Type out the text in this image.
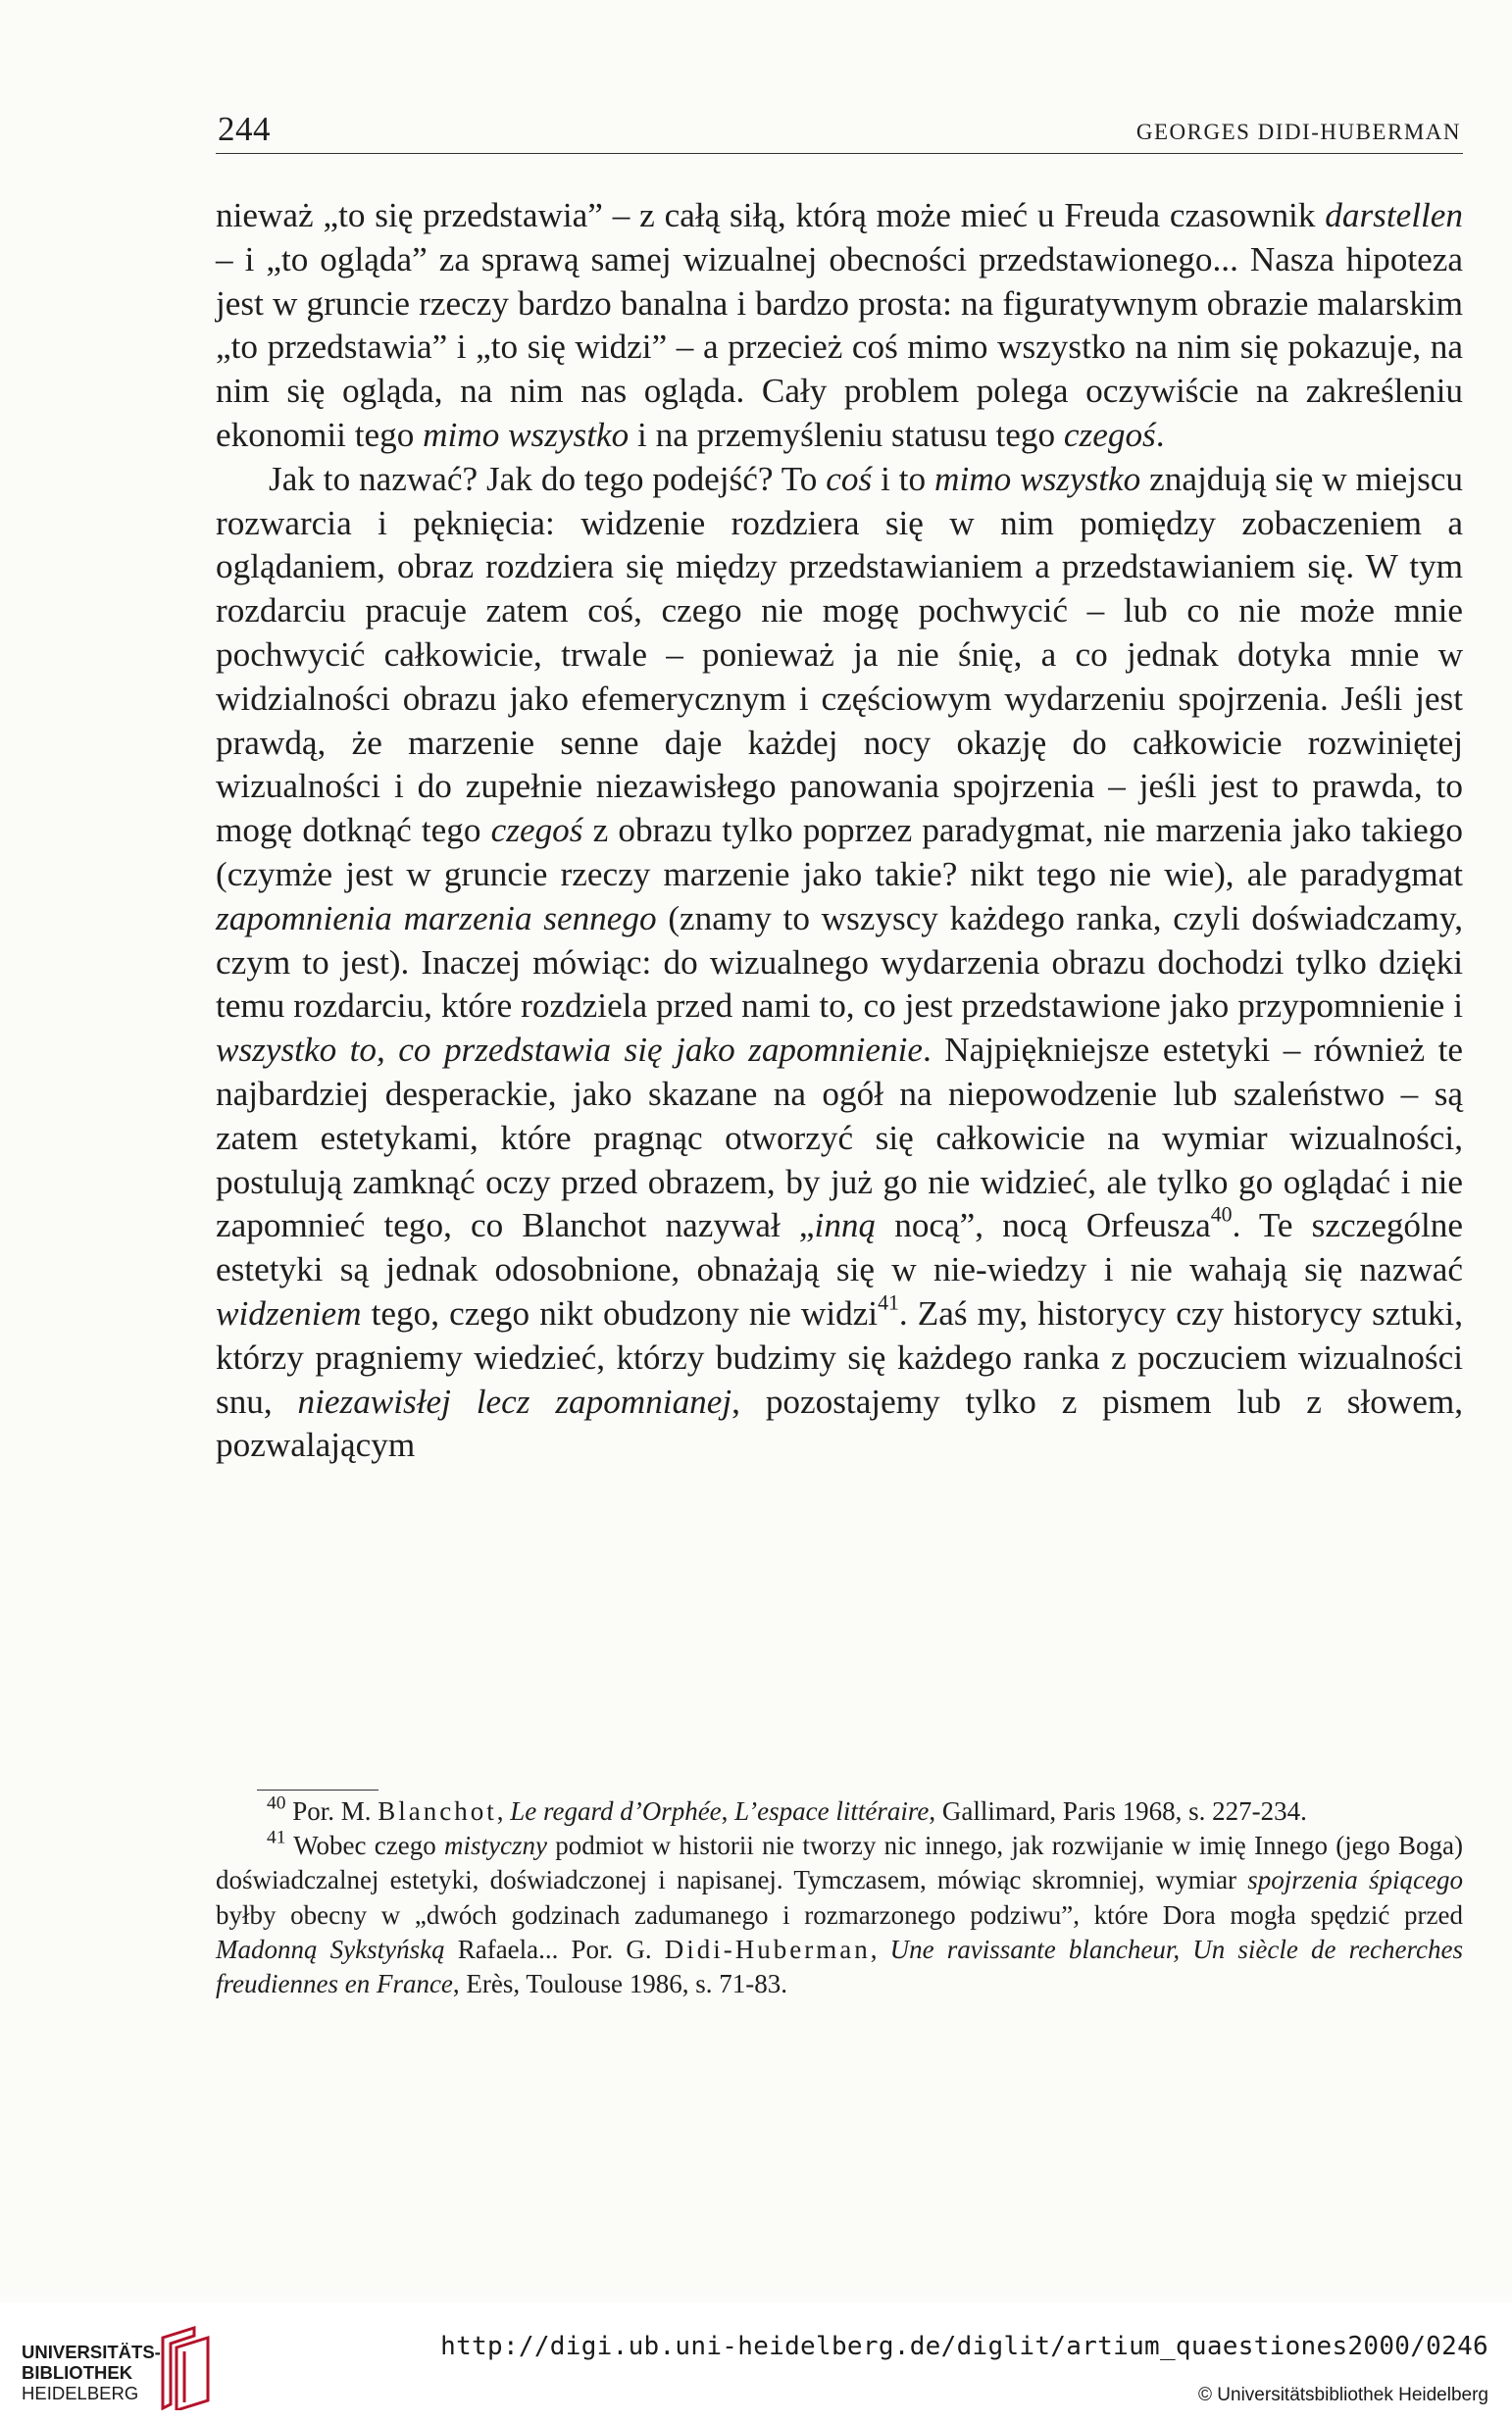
244	GEORGES DIDI-HUBERMAN

nieważ „to się przedstawia” – z całą siłą, którą może mieć u Freuda czasownik darstellen – i „to ogląda” za sprawą samej wizualnej obecności przedstawionego... Nasza hipoteza jest w gruncie rzeczy bardzo banalna i bardzo prosta: na figuratywnym obrazie malarskim „to przedstawia” i „to się widzi” – a przecież coś mimo wszystko na nim się pokazuje, na nim się ogląda, na nim nas ogląda. Cały problem polega oczywiście na zakreśleniu ekonomii tego mimo wszystko i na przemyśleniu statusu tego czegoś.

Jak to nazwać? Jak do tego podejść? To coś i to mimo wszystko znajdują się w miejscu rozwarcia i pęknięcia: widzenie rozdziera się w nim pomiędzy zobaczeniem a oglądaniem, obraz rozdziera się między przedstawianiem a przedstawianiem się. W tym rozdarciu pracuje zatem coś, czego nie mogę pochwycić – lub co nie może mnie pochwycić całkowicie, trwale – ponieważ ja nie śnię, a co jednak dotyka mnie w widzialności obrazu jako efemerycznym i częściowym wydarzeniu spojrzenia. Jeśli jest prawdą, że marzenie senne daje każdej nocy okazję do całkowicie rozwiniętej wizualności i do zupełnie niezawisłego panowania spojrzenia – jeśli jest to prawda, to mogę dotknąć tego czegoś z obrazu tylko poprzez paradygmat, nie marzenia jako takiego (czymże jest w gruncie rzeczy marzenie jako takie? nikt tego nie wie), ale paradygmat zapomnienia marzenia sennego (znamy to wszyscy każdego ranka, czyli doświadczamy, czym to jest). Inaczej mówiąc: do wizualnego wydarzenia obrazu dochodzi tylko dzięki temu rozdarciu, które rozdziela przed nami to, co jest przedstawione jako przypomnienie i wszystko to, co przedstawia się jako zapomnienie. Najpiękniejsze estetyki – również te najbardziej desperackie, jako skazane na ogół na niepowodzenie lub szaleństwo – są zatem estetykami, które pragnąc otworzyć się całkowicie na wymiar wizualności, postulują zamknąć oczy przed obrazem, by już go nie widzieć, ale tylko go oglądać i nie zapomnieć tego, co Blanchot nazywał „inną nocą”, nocą Orfeusza$^{40}$. Te szczególne estetyki są jednak odosobnione, obnażają się w nie-wiedzy i nie wahają się nazwać widzeniem tego, czego nikt obudzony nie widzi$^{41}$. Zaś my, historycy czy historycy sztuki, którzy pragniemy wiedzieć, którzy budzimy się każdego ranka z poczuciem wizualności snu, niezawisłej lecz zapomnianej, pozostajemy tylko z pismem lub z słowem, pozwalającym

$^{40}$ Por. M. Blanchot, Le regard d’Orphée, L’espace littéraire, Gallimard, Paris 1968, s. 227-234.

$^{41}$ Wobec czego mistyczny podmiot w historii nie tworzy nic innego, jak rozwijanie w imię Innego (jego Boga) doświadczalnej estetyki, doświadczonej i napisanej. Tymczasem, mówiąc skromniej, wymiar spojrzenia śpiącego byłby obecny w „dwóch godzinach zadumanego i rozmarzonego podziwu”, które Dora mogła spędzić przed Madonną Sykstyńską Rafaela... Por. G. Didi-Huberman, Une ravissante blancheur, Un siècle de recherches freudiennes en France, Erès, Toulouse 1986, s. 71-83.

UNIVERSITÄTS-
BIBLIOTHEK
HEIDELBERG
http://digi.ub.uni-heidelberg.de/diglit/artium_quaestiones2000/0246
© Universitätsbibliothek Heidelberg
